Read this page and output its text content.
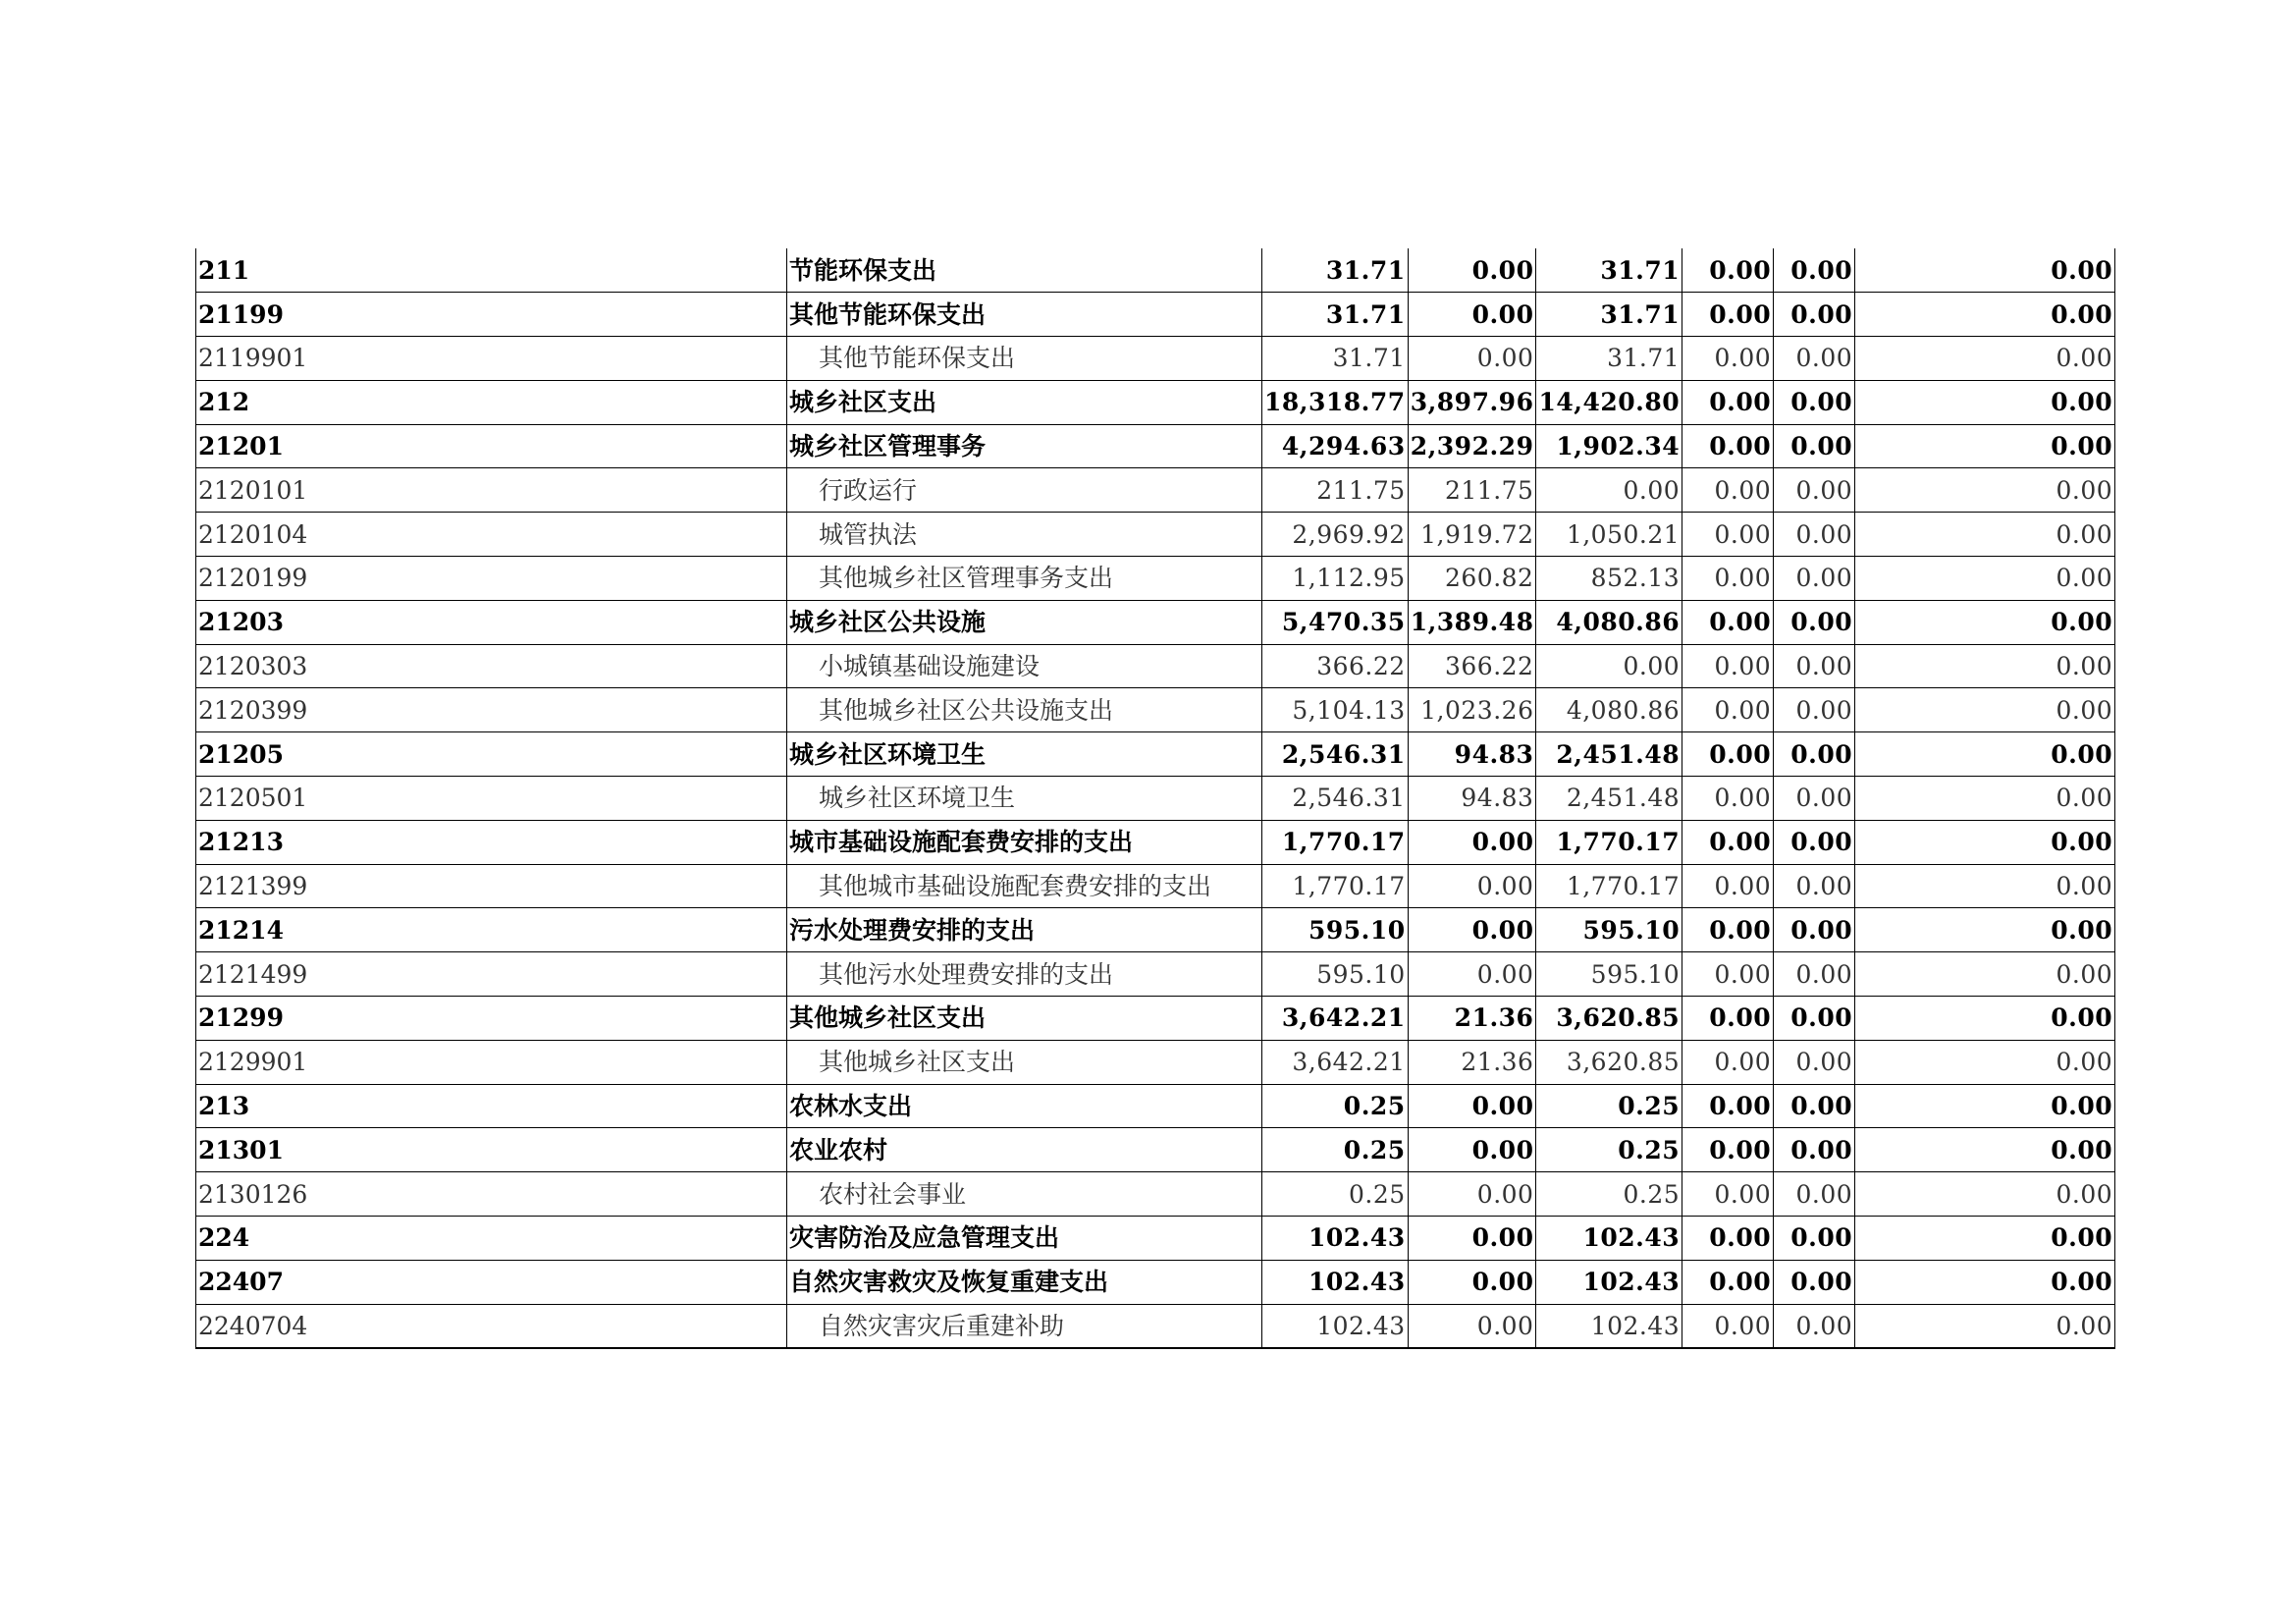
211	节能环保支出	31.71	0.00	31.71	0.00	0.00	0.00
21199	其他节能环保支出	31.71	0.00	31.71	0.00	0.00	0.00
2119901	其他节能环保支出	31.71	0.00	31.71	0.00	0.00	0.00
212	城乡社区支出	18,318.77	3,897.96	14,420.80	0.00	0.00	0.00
21201	城乡社区管理事务	4,294.63	2,392.29	1,902.34	0.00	0.00	0.00
2120101	行政运行	211.75	211.75	0.00	0.00	0.00	0.00
2120104	城管执法	2,969.92	1,919.72	1,050.21	0.00	0.00	0.00
2120199	其他城乡社区管理事务支出	1,112.95	260.82	852.13	0.00	0.00	0.00
21203	城乡社区公共设施	5,470.35	1,389.48	4,080.86	0.00	0.00	0.00
2120303	小城镇基础设施建设	366.22	366.22	0.00	0.00	0.00	0.00
2120399	其他城乡社区公共设施支出	5,104.13	1,023.26	4,080.86	0.00	0.00	0.00
21205	城乡社区环境卫生	2,546.31	94.83	2,451.48	0.00	0.00	0.00
2120501	城乡社区环境卫生	2,546.31	94.83	2,451.48	0.00	0.00	0.00
21213	城市基础设施配套费安排的支出	1,770.17	0.00	1,770.17	0.00	0.00	0.00
2121399	其他城市基础设施配套费安排的支出	1,770.17	0.00	1,770.17	0.00	0.00	0.00
21214	污水处理费安排的支出	595.10	0.00	595.10	0.00	0.00	0.00
2121499	其他污水处理费安排的支出	595.10	0.00	595.10	0.00	0.00	0.00
21299	其他城乡社区支出	3,642.21	21.36	3,620.85	0.00	0.00	0.00
2129901	其他城乡社区支出	3,642.21	21.36	3,620.85	0.00	0.00	0.00
213	农林水支出	0.25	0.00	0.25	0.00	0.00	0.00
21301	农业农村	0.25	0.00	0.25	0.00	0.00	0.00
2130126	农村社会事业	0.25	0.00	0.25	0.00	0.00	0.00
224	灾害防治及应急管理支出	102.43	0.00	102.43	0.00	0.00	0.00
22407	自然灾害救灾及恢复重建支出	102.43	0.00	102.43	0.00	0.00	0.00
2240704	自然灾害灾后重建补助	102.43	0.00	102.43	0.00	0.00	0.00
